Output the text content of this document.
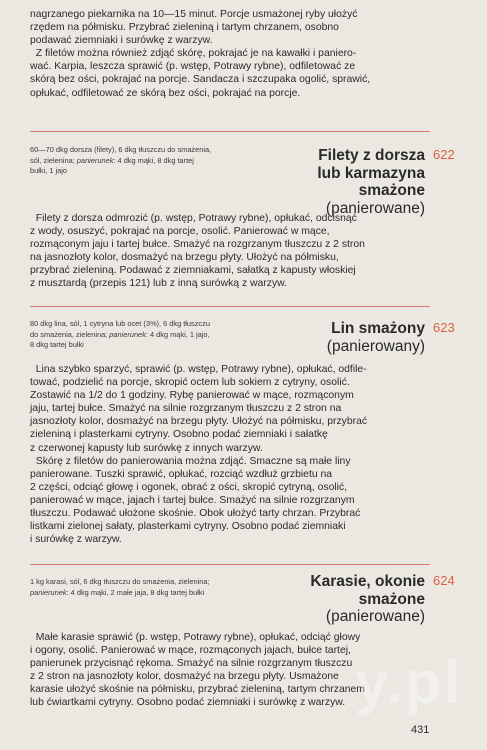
nagrzanego piekarnika na 10—15 minut. Porcje usmażonej ryby ułożyć
rzędem na półmisku. Przybrać zieleniną i tartym chrzanem, osobno
podawać ziemniaki i surówkę z warzyw.
Z filetów można również zdjąć skórę, pokrajać je na kawałki i paniero-
wać. Karpia, leszcza sprawić (p. wstęp, Potrawy rybne), odfiletować ze
skórą bez ości, pokrajać na porcje. Sandacza i szczupaka ogolić, sprawić,
opłukać, odfiletować ze skórą bez ości, pokrajać na porcje.
60—70 dkg dorsza (filety), 6 dkg tłuszczu do smażenia,
sól, zielenina; panierunek: 4 dkg mąki, 8 dkg tartej
bułki, 1 jajo
Filety z dorsza
lub karmazyna
smażone
(panierowane)
622
Filety z dorsza odmrozić (p. wstęp, Potrawy rybne), opłukać, odcisnąć
z wody, osuszyć, pokrajać na porcje, osolić. Panierować w mące,
rozmąconym jaju i tartej bułce. Smażyć na rozgrzanym tłuszczu z 2 stron
na jasnozłoty kolor, dosmażyć na brzegu płyty. Ułożyć na półmisku,
przybrać zieleniną. Podawać z ziemniakami, sałatką z kapusty włoskiej
z musztardą (przepis 121) lub z inną surówką z warzyw.
80 dkg lina, sól, 1 cytryna lub ocet (3%), 6 dkg tłuszczu
do smażenia, zielenina; panierunek: 4 dkg mąki, 1 jajo,
8 dkg tartej bułki
Lin smażony
(panierowany)
623
Lina szybko sparzyć, sprawić (p. wstęp, Potrawy rybne), opłukać, odfile-
tować, podzielić na porcje, skropić octem lub sokiem z cytryny, osolić.
Zostawić na 1/2 do 1 godziny. Rybę panierować w mące, rozmąconym
jaju, tartej bułce. Smażyć na silnie rozgrzanym tłuszczu z 2 stron na
jasnozłoty kolor, dosmażyć na brzegu płyty. Ułożyć na półmisku, przybrać
zieleniną i plasterkami cytryny. Osobno podać ziemniaki i sałatkę
z czerwonej kapusty lub surówkę z innych warzyw.
Skórę z filetów do panierowania można zdjąć. Smaczne są małe liny
panierowane. Tuszki sprawić, opłukać, rozciąć wzdłuż grzbietu na
2 części, odciąć głowę i ogonek, obrać z ości, skropić cytryną, osolić,
panierować w mące, jajach i tartej bułce. Smażyć na silnie rozgrzanym
tłuszczu. Podawać ułożone skośnie. Obok ułożyć tarty chrzan. Przybrać
listkami zielonej sałaty, plasterkami cytryny. Osobno podać ziemniaki
i surówkę z warzyw.
1 kg karasi, sól, 6 dkg tłuszczu do smażenia, zielenina;
panierunek: 4 dkg mąki, 2 małe jaja, 8 dkg tartej bułki
Karasie, okonie
smażone
(panierowane)
624
Małe karasie sprawić (p. wstęp, Potrawy rybne), opłukać, odciąć głowy
i ogony, osolić. Panierować w mące, rozmąconych jajach, bułce tartej,
panierunek przycisnąć rękoma. Smażyć na silnie rozgrzanym tłuszczu
z 2 stron na jasnozłoty kolor, dosmażyć na brzegu płyty. Usmażone
karasie ułożyć skośnie na półmisku, przybrać zieleniną, tartym chrzanem
lub ćwiartkami cytryny. Osobno podać ziemniaki i surówkę z warzyw. y.pl
431
